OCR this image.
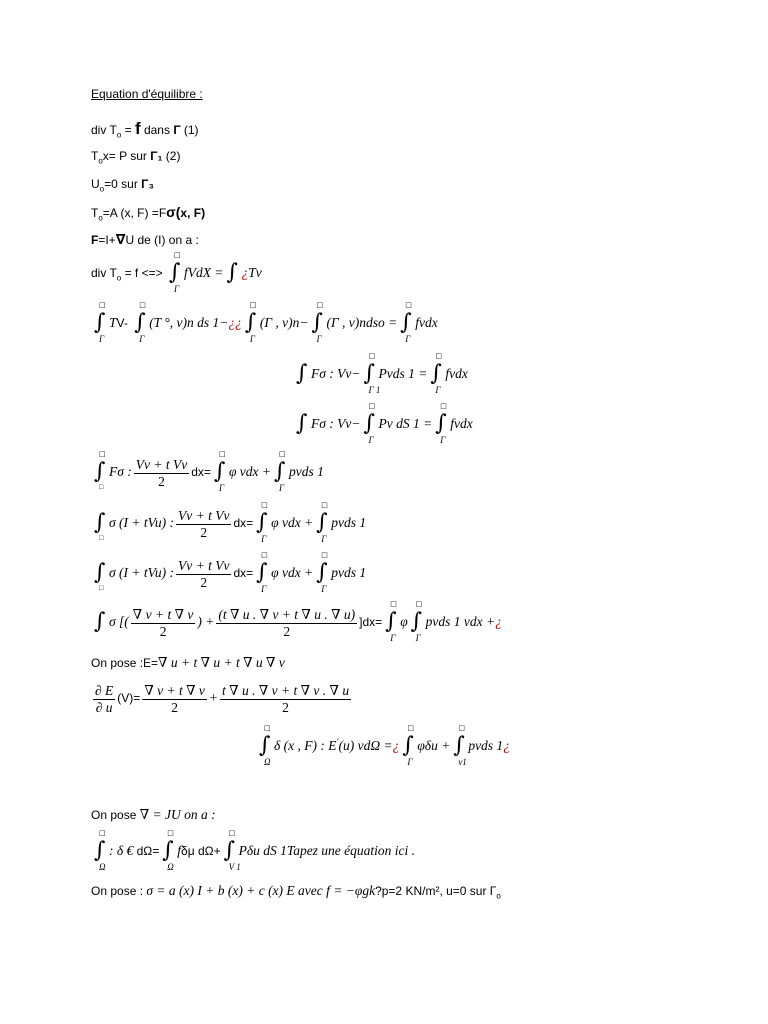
Equation d'équilibre :
div $T_o = f$ dans Γ (1)
$T_ox= P$ sur Γ₁ (2)
$U_o=0$ sur Γ₃
$T_o=A$ (x, F) =Fσ(x, F)
F=I+∇U de (I) on a :
div $T_o = f$ <=> ∫
□
Γ
fVdX = ∫ ¿Tv
∫
□
Γ
TV- ∫
□
Γ
(T °, v)n ds 1−¿¿ ∫
□
Γ
(Γ , v)n− ∫
□
Γ
(Γ , v)ndso = ∫
□
Γ
fvdx
∫ Fσ : Vv− ∫
□
Γ 1
Pvds 1 = ∫
□
Γ
fvdx
∫ Fσ : Vv− ∫
□
Γ
Pv dS 1 = ∫
□
Γ
fvdx
∫
□
□
Fσ : $\frac{\text{Vv + t Vv}}{2} dx=$ ∫
□
Γ
φ vdx + ∫
□
Γ
pvds 1
∫
□
σ (I + tVu) : $\frac{\text{Vv + t Vv}}{2} dx=$ ∫
□
Γ
φ vdx + ∫
□
Γ
pvds 1
∫
□
σ (I + tVu) : $\frac{\text{Vv + t Vv}}{2} dx=$ ∫
□
Γ
φ vdx + ∫
□
Γ
pvds 1
∫ σ [( $\frac{\nabla v + t \nabla v}{2}$ ) + $\frac{(t \nabla u . \nabla v + t \nabla u . \nabla u)}{2} ]dx=$ ∫
□
Γ
φ ∫
□
Γ
pvds 1 vdx +¿
On pose :E=∇ u + t ∇ u + t ∇ u ∇ v
$\frac{\partial E}{\partial u} (V)= \frac{\nabla v + t \nabla v}{2} + \frac{t \nabla u . \nabla v + t \nabla v . \nabla u}{2}$
∫
□
Ω
δ (x , F) : E′(u) vdΩ =¿ ∫
□
Γ
φδu + ∫
□
v1
pvds 1¿
On pose ∇ = JU on a :
∫
□
Ω
: δ € dΩ= ∫
□
Ω
fδμ dΩ+ ∫
□
V 1
Pδu dS 1Tapez une équation ici .
On pose : σ = a (x) I + b (x) + c (x) E avec f = −φgk?p=2 KN/m², u=0 sur $\Gamma_o$
